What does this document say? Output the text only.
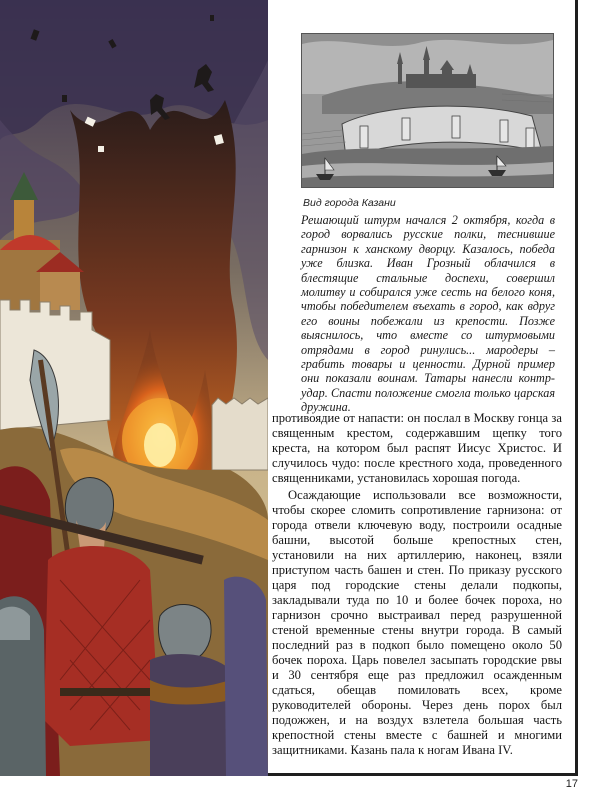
Вид города Казани

Решающий штурм начался 2 октября, когда в город ворвались русские полки, теснившие гарнизон к ханскому дворцу. Казалось, победа уже близка. Иван Грозный облачился в блестящие стальные доспехи, совершил молитву и собирался уже сесть на белого коня, чтобы победителем въехать в город, как вдруг его воины побежали из крепости. Позже выяснилось, что вместе со штурмовыми отрядами в город ринулись... мародеры – грабить товары и ценности. Дурной пример они показали воинам. Татары нанесли контр-удар. Спасти положение смогла только царская дружина.

противоядие от напасти: он послал в Москву гонца за священным крестом, содержавшим щепку того креста, на котором был распят Иисус Христос. И случилось чудо: после крестного хода, проведенного священниками, установилась хорошая погода.

Осаждающие использовали все возможности, чтобы скорее сломить сопротивление гарнизона: от города отвели ключевую воду, построили осадные башни, высотой больше крепостных стен, установили на них артиллерию, наконец, взяли приступом часть башен и стен. По приказу русского царя под городские стены делали подкопы, закладывали туда по 10 и более бочек пороха, но гарнизон срочно выстраивал перед разрушенной стеной временные стены внутри города. В самый последний раз в подкоп было помещено около 50 бочек пороха. Царь повелел засыпать городские рвы и 30 сентября еще раз предложил осажденным сдаться, обещав помиловать всех, кроме руководителей обороны. Через день порох был подожжен, и на воздух взлетела большая часть крепостной стены вместе с башней и многими защитниками. Казань пала к ногам Ивана IV.

17
